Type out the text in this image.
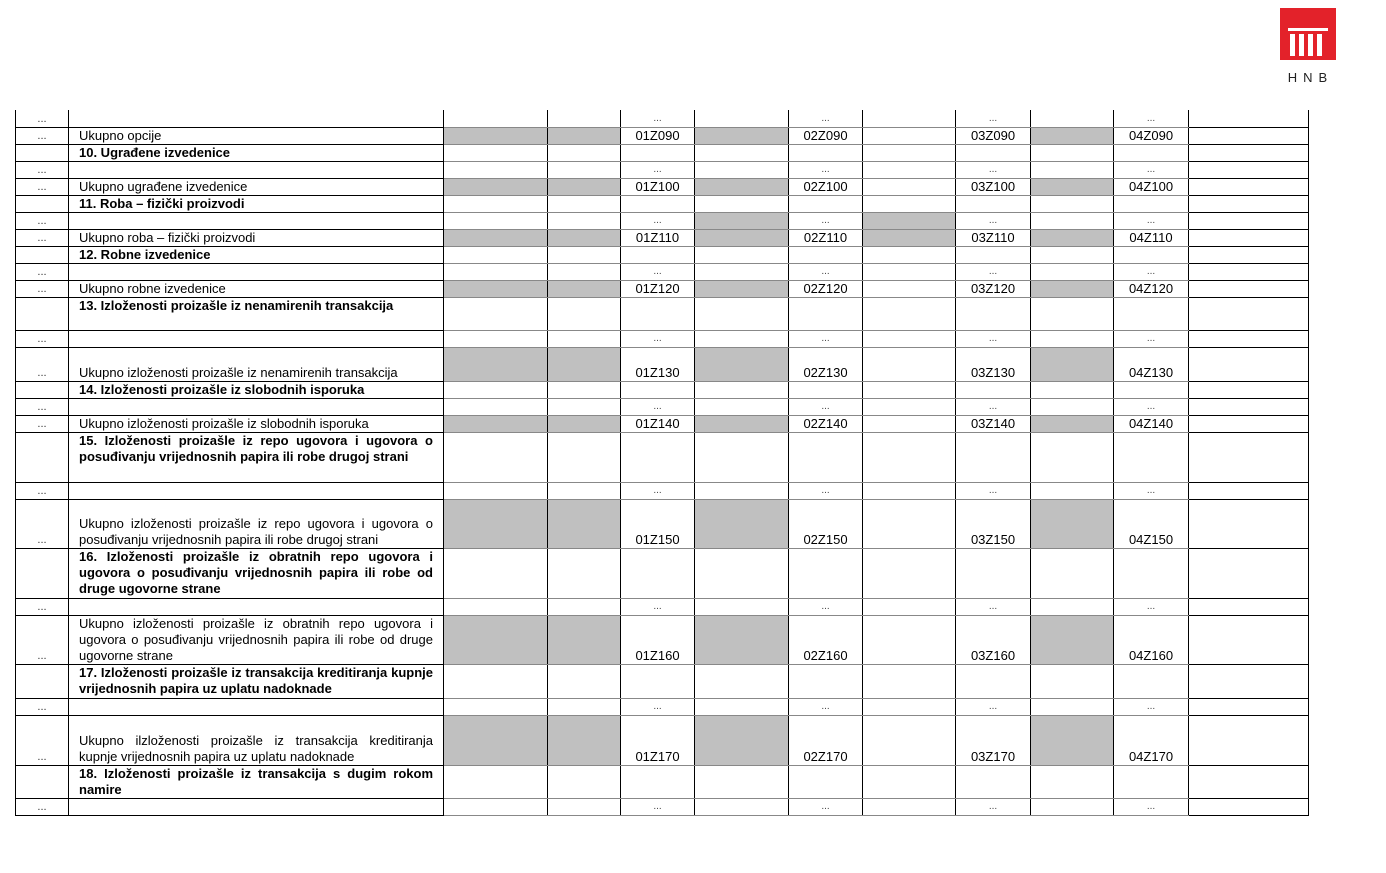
HNB
...				...		...		...		...	
...	Ukupno opcije			01Z090		02Z090		03Z090		04Z090	
	10. Ugrađene izvedenice										
...				...		...		...		...	
...	Ukupno ugrađene izvedenice			01Z100		02Z100		03Z100		04Z100	
	11. Roba – fizički proizvodi										
...				...		...		...		...	
...	Ukupno roba – fizički proizvodi			01Z110		02Z110		03Z110		04Z110	
	12. Robne izvedenice										
...				...		...		...		...	
...	Ukupno robne izvedenice			01Z120		02Z120		03Z120		04Z120	
	13. Izloženosti proizašle iz nenamirenih transakcija										
...				...		...		...		...	
...	Ukupno izloženosti proizašle iz nenamirenih transakcija			01Z130		02Z130		03Z130		04Z130	
	14. Izloženosti proizašle iz slobodnih isporuka										
...				...		...		...		...	
...	Ukupno izloženosti proizašle iz slobodnih isporuka			01Z140		02Z140		03Z140		04Z140	
	15. Izloženosti proizašle iz repo ugovora i ugovora o posuđivanju vrijednosnih papira ili robe drugoj strani										
...				...		...		...		...	
...	Ukupno izloženosti proizašle iz repo ugovora i ugovora o posuđivanju vrijednosnih papira ili robe drugoj strani			01Z150		02Z150		03Z150		04Z150	
	16. Izloženosti proizašle iz obratnih repo ugovora i ugovora o posuđivanju vrijednosnih papira ili robe od druge ugovorne strane										
...				...		...		...		...	
...	Ukupno izloženosti proizašle iz obratnih repo ugovora i ugovora o posuđivanju vrijednosnih papira ili robe od druge ugovorne strane			01Z160		02Z160		03Z160		04Z160	
	17. Izloženosti proizašle iz transakcija kreditiranja kupnje vrijednosnih papira uz uplatu nadoknade										
...				...		...		...		...	
...	Ukupno ilzloženosti proizašle iz transakcija kreditiranja kupnje vrijednosnih papira uz uplatu nadoknade			01Z170		02Z170		03Z170		04Z170	
	18. Izloženosti proizašle iz transakcija s dugim rokom namire										
...				...		...		...		...	
